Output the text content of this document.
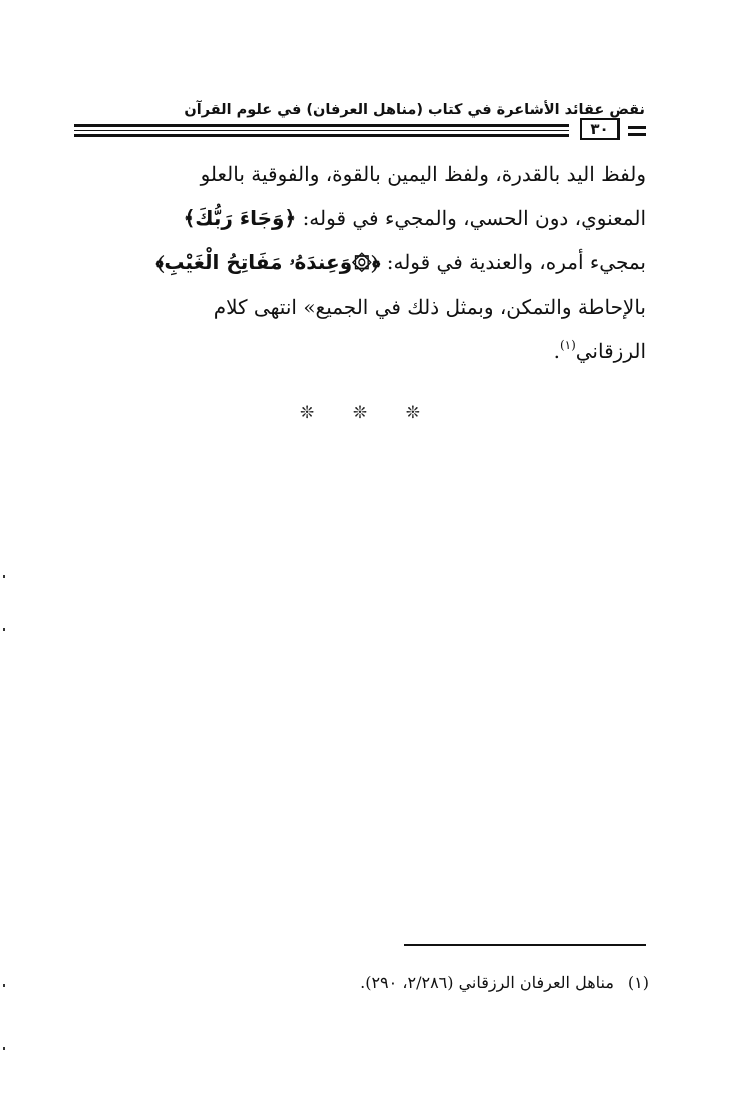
نقض عقائد الأشاعرة في كتاب (مناهل العرفان) في علوم القرآن
٣٠

ولفظ اليد بالقدرة، ولفظ اليمين بالقوة، والفوقية بالعلو

المعنوي، دون الحسي، والمجيء في قوله: ﴿وَجَاءَ رَبُّكَ﴾

بمجيء أمره، والعندية في قوله: ﴿۞وَعِندَهُۥ مَفَاتِحُ الْغَيْبِ﴾

بالإحاطة والتمكن، وبمثل ذلك في الجميع» انتهى كلام

الرزقاني$^{(١)}$.

❊ ❊ ❊
(١)مناهل العرفان الرزقاني (٢/٢٨٦، ٢٩٠).
